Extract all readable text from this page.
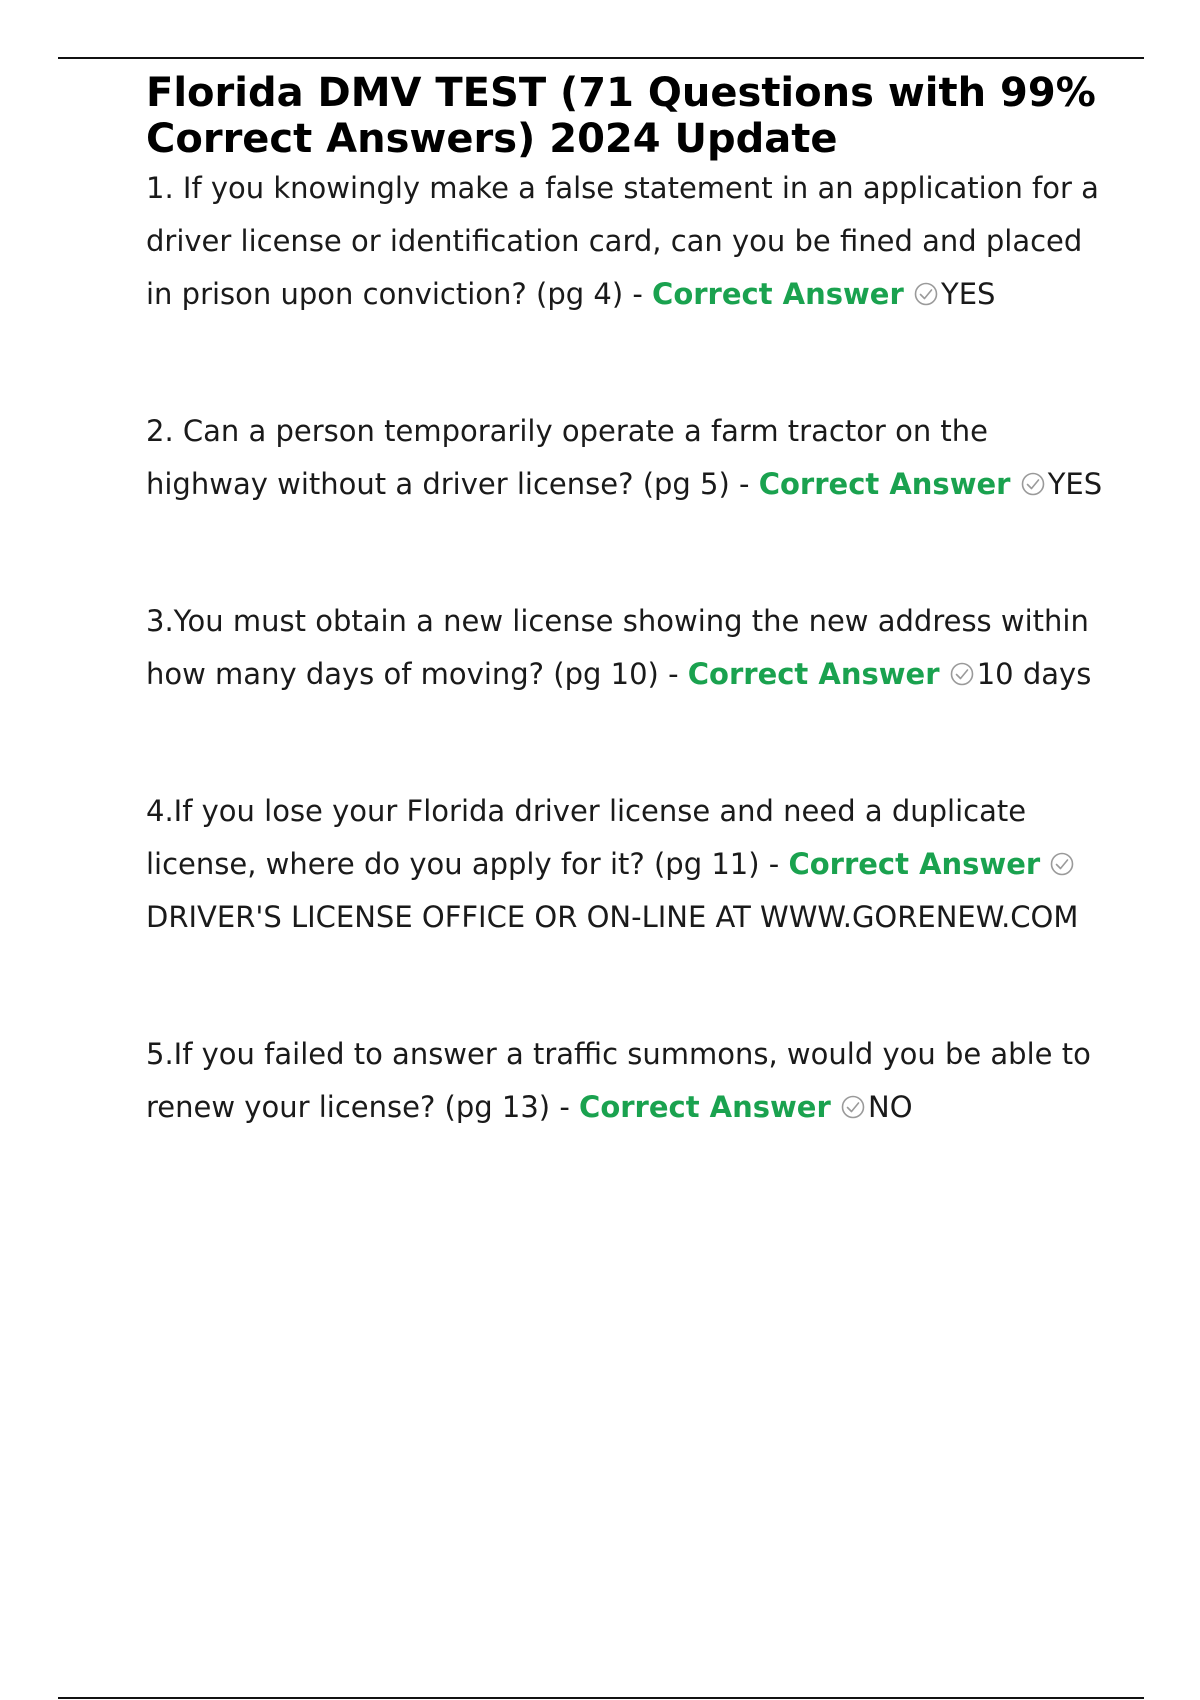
Florida DMV TEST (71 Questions with 99% Correct Answers) 2024 Update

1. If you knowingly make a false statement in an application for a driver license or identification card, can you be fined and placed in prison upon conviction? (pg 4) - Correct Answer YES

2. Can a person temporarily operate a farm tractor on the highway without a driver license? (pg 5) - Correct Answer YES

3.You must obtain a new license showing the new address within how many days of moving? (pg 10) - Correct Answer 10 days

4.If you lose your Florida driver license and need a duplicate license, where do you apply for it? (pg 11) - Correct Answer
DRIVER'S LICENSE OFFICE OR ON-LINE AT WWW.GORENEW.COM

5.If you failed to answer a traffic summons, would you be able to renew your license? (pg 13) - Correct Answer NO
